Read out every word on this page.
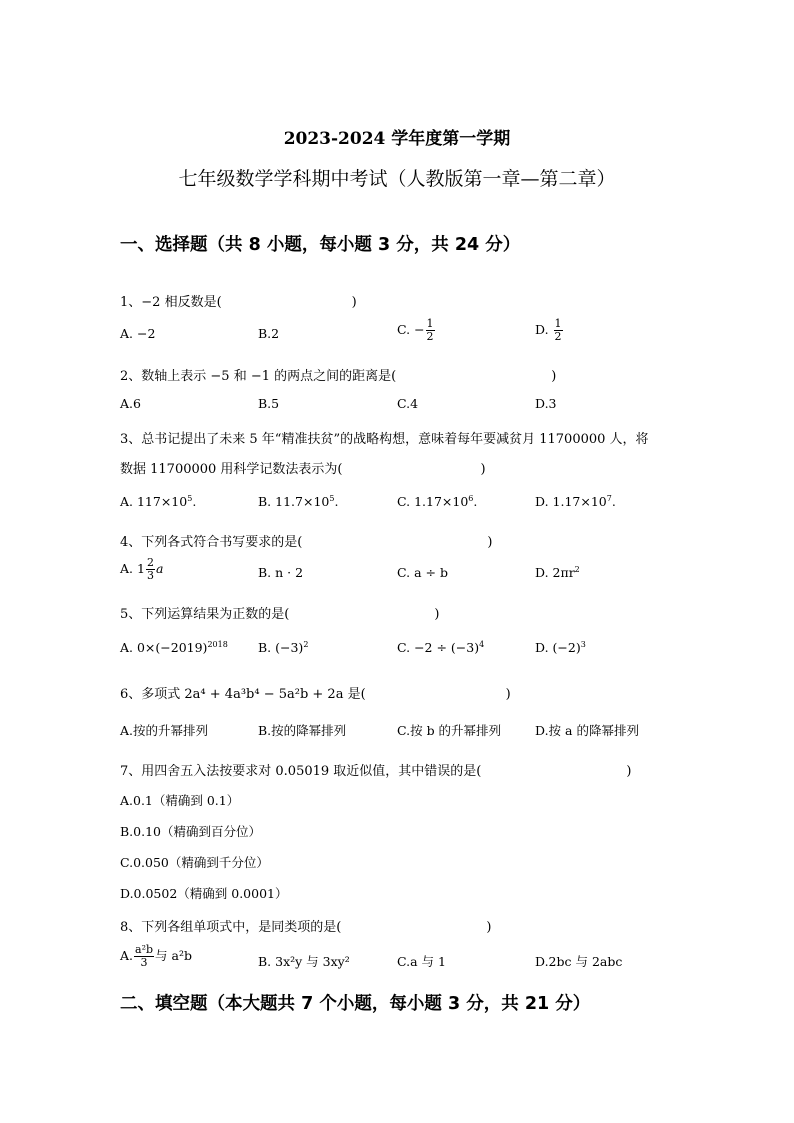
2023-2024 学年度第一学期
七年级数学学科期中考试（人教版第一章—第二章）
一、选择题（共 8 小题，每小题 3 分，共 24 分）
1、−2 相反数是(	)
A. −2	B.2	C. − $\frac{1}{2}$	D. $\frac{1}{2}$
2、数轴上表示 −5 和 −1 的两点之间的距离是(	)
A.6	B.5	C.4	D.3
3、总书记提出了未来 5 年“精准扶贫”的战略构想，意味着每年要减贫月 11700000 人，将
数据 11700000 用科学记数法表示为(	)
A. $117\times 10^5$.	B. $11.7\times 10^5$.	C. $1.17\times 10^6$.	D. $1.17\times 10^7$.
4、下列各式符合书写要求的是(	)
A. $1 \frac{2}{3}$ a	B. n · 2	C. a ÷ b	D. $2\pi r^2$
5、下列运算结果为正数的是(	)
A. $0\times(-2019)^{2018}$ B. $(-3)^2$	C. $-2 \div (-3)^4$	D. $(-2)^3$
6、多项式 2a⁴ + 4a³b⁴ − 5a²b + 2a 是(	)
A.按的升幂排列	B.按的降幂排列	C.按 b 的升幂排列	D.按 a 的降幂排列
7、用四舍五入法按要求对 0.05019 取近似值，其中错误的是(	)
A.0.1（精确到 0.1）
B.0.10（精确到百分位）
C.0.050（精确到千分位）
D.0.0502（精确到 0.0001）
8、下列各组单项式中，是同类项的是(	)
A. $\frac{\text{a²b}}{3}$ 与 a²b	B. 3x²y 与 3xy²	C.a 与 1	D.2bc 与 2abc
二、填空题（本大题共 7 个小题，每小题 3 分，共 21 分）
